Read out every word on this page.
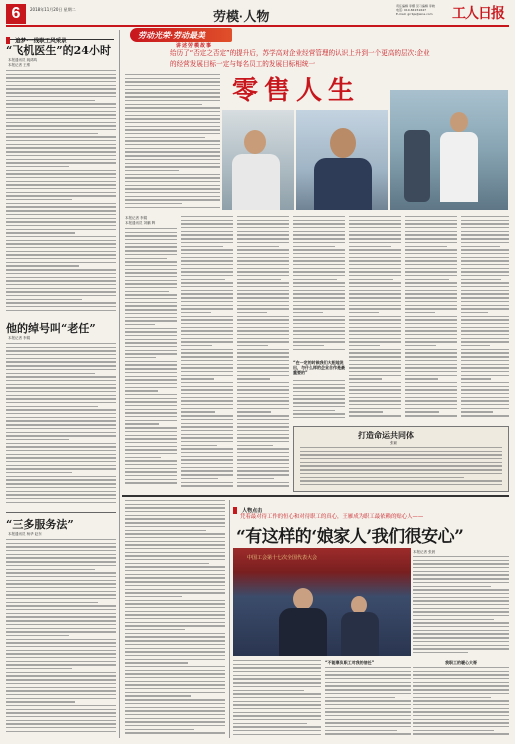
6	2018年11月20日 星期二	劳模·人物
责任编辑 李娜 见习编辑 李晓
电话: 010-84151647
E-mail: grrbjs@sina.com	工人日报
追梦·一线职工风采录
“飞机医生”的24小时
本报通讯员 姚鸿鸣
本报记者 王维
他的绰号叫“老任”
本报记者 李娟
“三多服务法”
本报通讯员 杨华 赵东
劳动光荣·劳动最美
讲述劳模故事
给历了“否定之否定”的提升后，苏学高对企业经营管理的认识上升到一个更高的层次:企业
的经营发展目标一定与每名员工的发展目标相统一
零售人生
本报记者 李娟
本报通讯员 刘鹏 辉
“在一定的时候我们大胆地说出，与什么样的企业合作是最重要的”
打造命运共同体
张颖
人物点击
凭着最对待工作的恒心和对待职工的真心，王雁成为职工最依赖的贴心人——
“有这样的‘娘家人’我们很安心”
中国工会第十七次全国代表大会
本报记者 张晨
“不能辜负职工对我的信任”	我职工的暖心大哥
